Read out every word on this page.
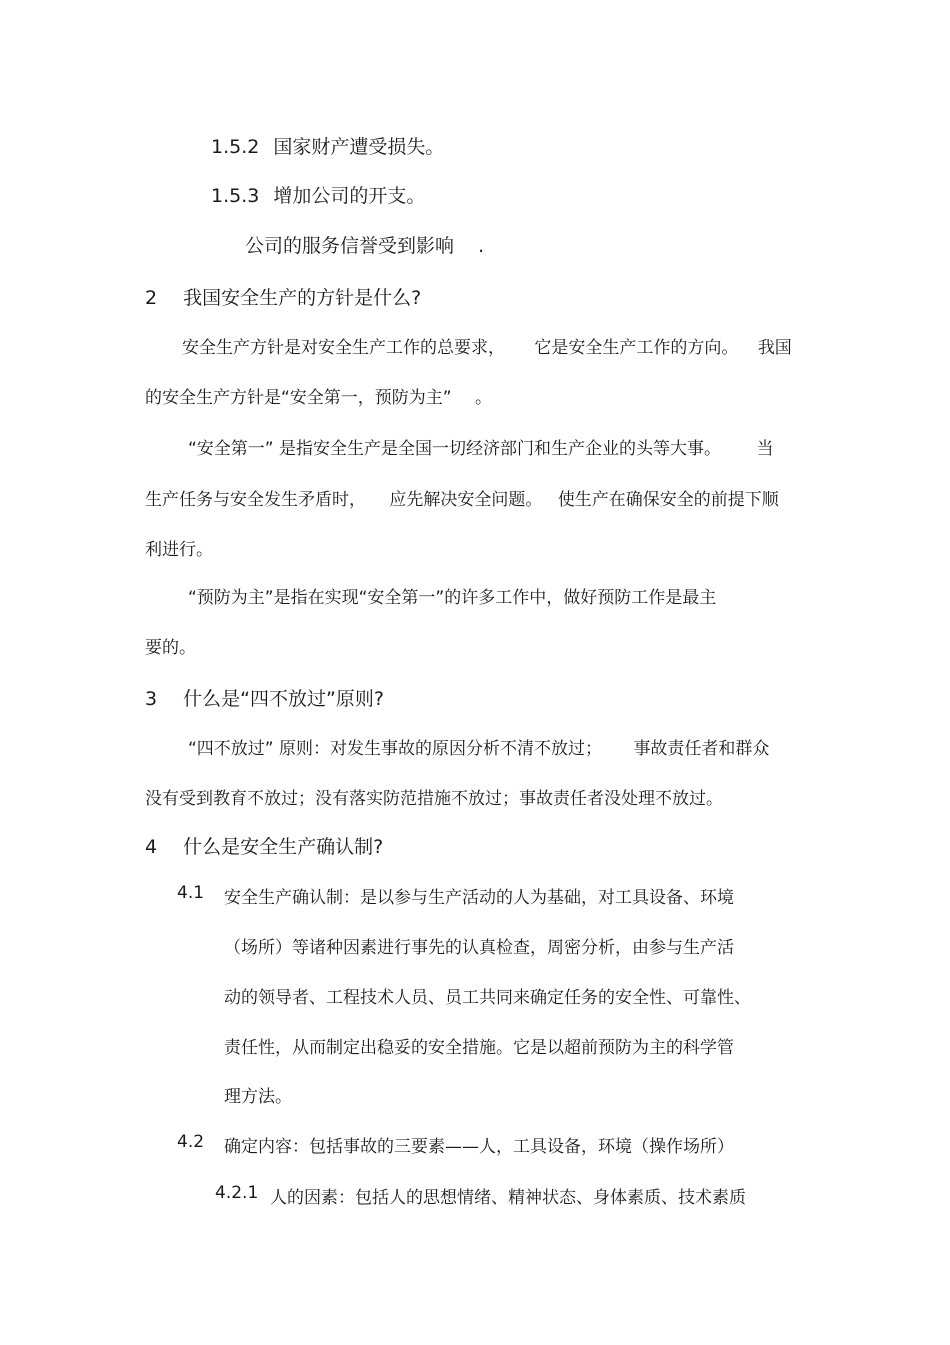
1.5.2 国家财产遭受损失。
1.5.3 增加公司的开支。
公司的服务信誉受到影响 .
2 我国安全生产的方针是什么?
安全生产方针是对安全生产工作的总要求， 它是安全生产工作的方向。 我国
的安全生产方针是“安全第一，预防为主” 。
“安全第一” 是指安全生产是全国一切经济部门和生产企业的头等大事。 当
生产任务与安全发生矛盾时， 应先解决安全问题。 使生产在确保安全的前提下顺
利进行。
“预防为主”是指在实现“安全第一”的许多工作中，做好预防工作是最主
要的。
3 什么是“四不放过”原则?
“四不放过” 原则：对发生事故的原因分析不清不放过； 事故责任者和群众
没有受到教育不放过；没有落实防范措施不放过；事故责任者没处理不放过。
4 什么是安全生产确认制?
4.1 安全生产确认制：是以参与生产活动的人为基础，对工具设备、环境
（场所）等诸种因素进行事先的认真检查，周密分析，由参与生产活
动的领导者、工程技术人员、员工共同来确定任务的安全性、可靠性、
责任性，从而制定出稳妥的安全措施。它是以超前预防为主的科学管
理方法。
4.2 确定内容：包括事故的三要素——人，工具设备，环境（操作场所）
4.2.1 人的因素：包括人的思想情绪、精神状态、身体素质、技术素质
